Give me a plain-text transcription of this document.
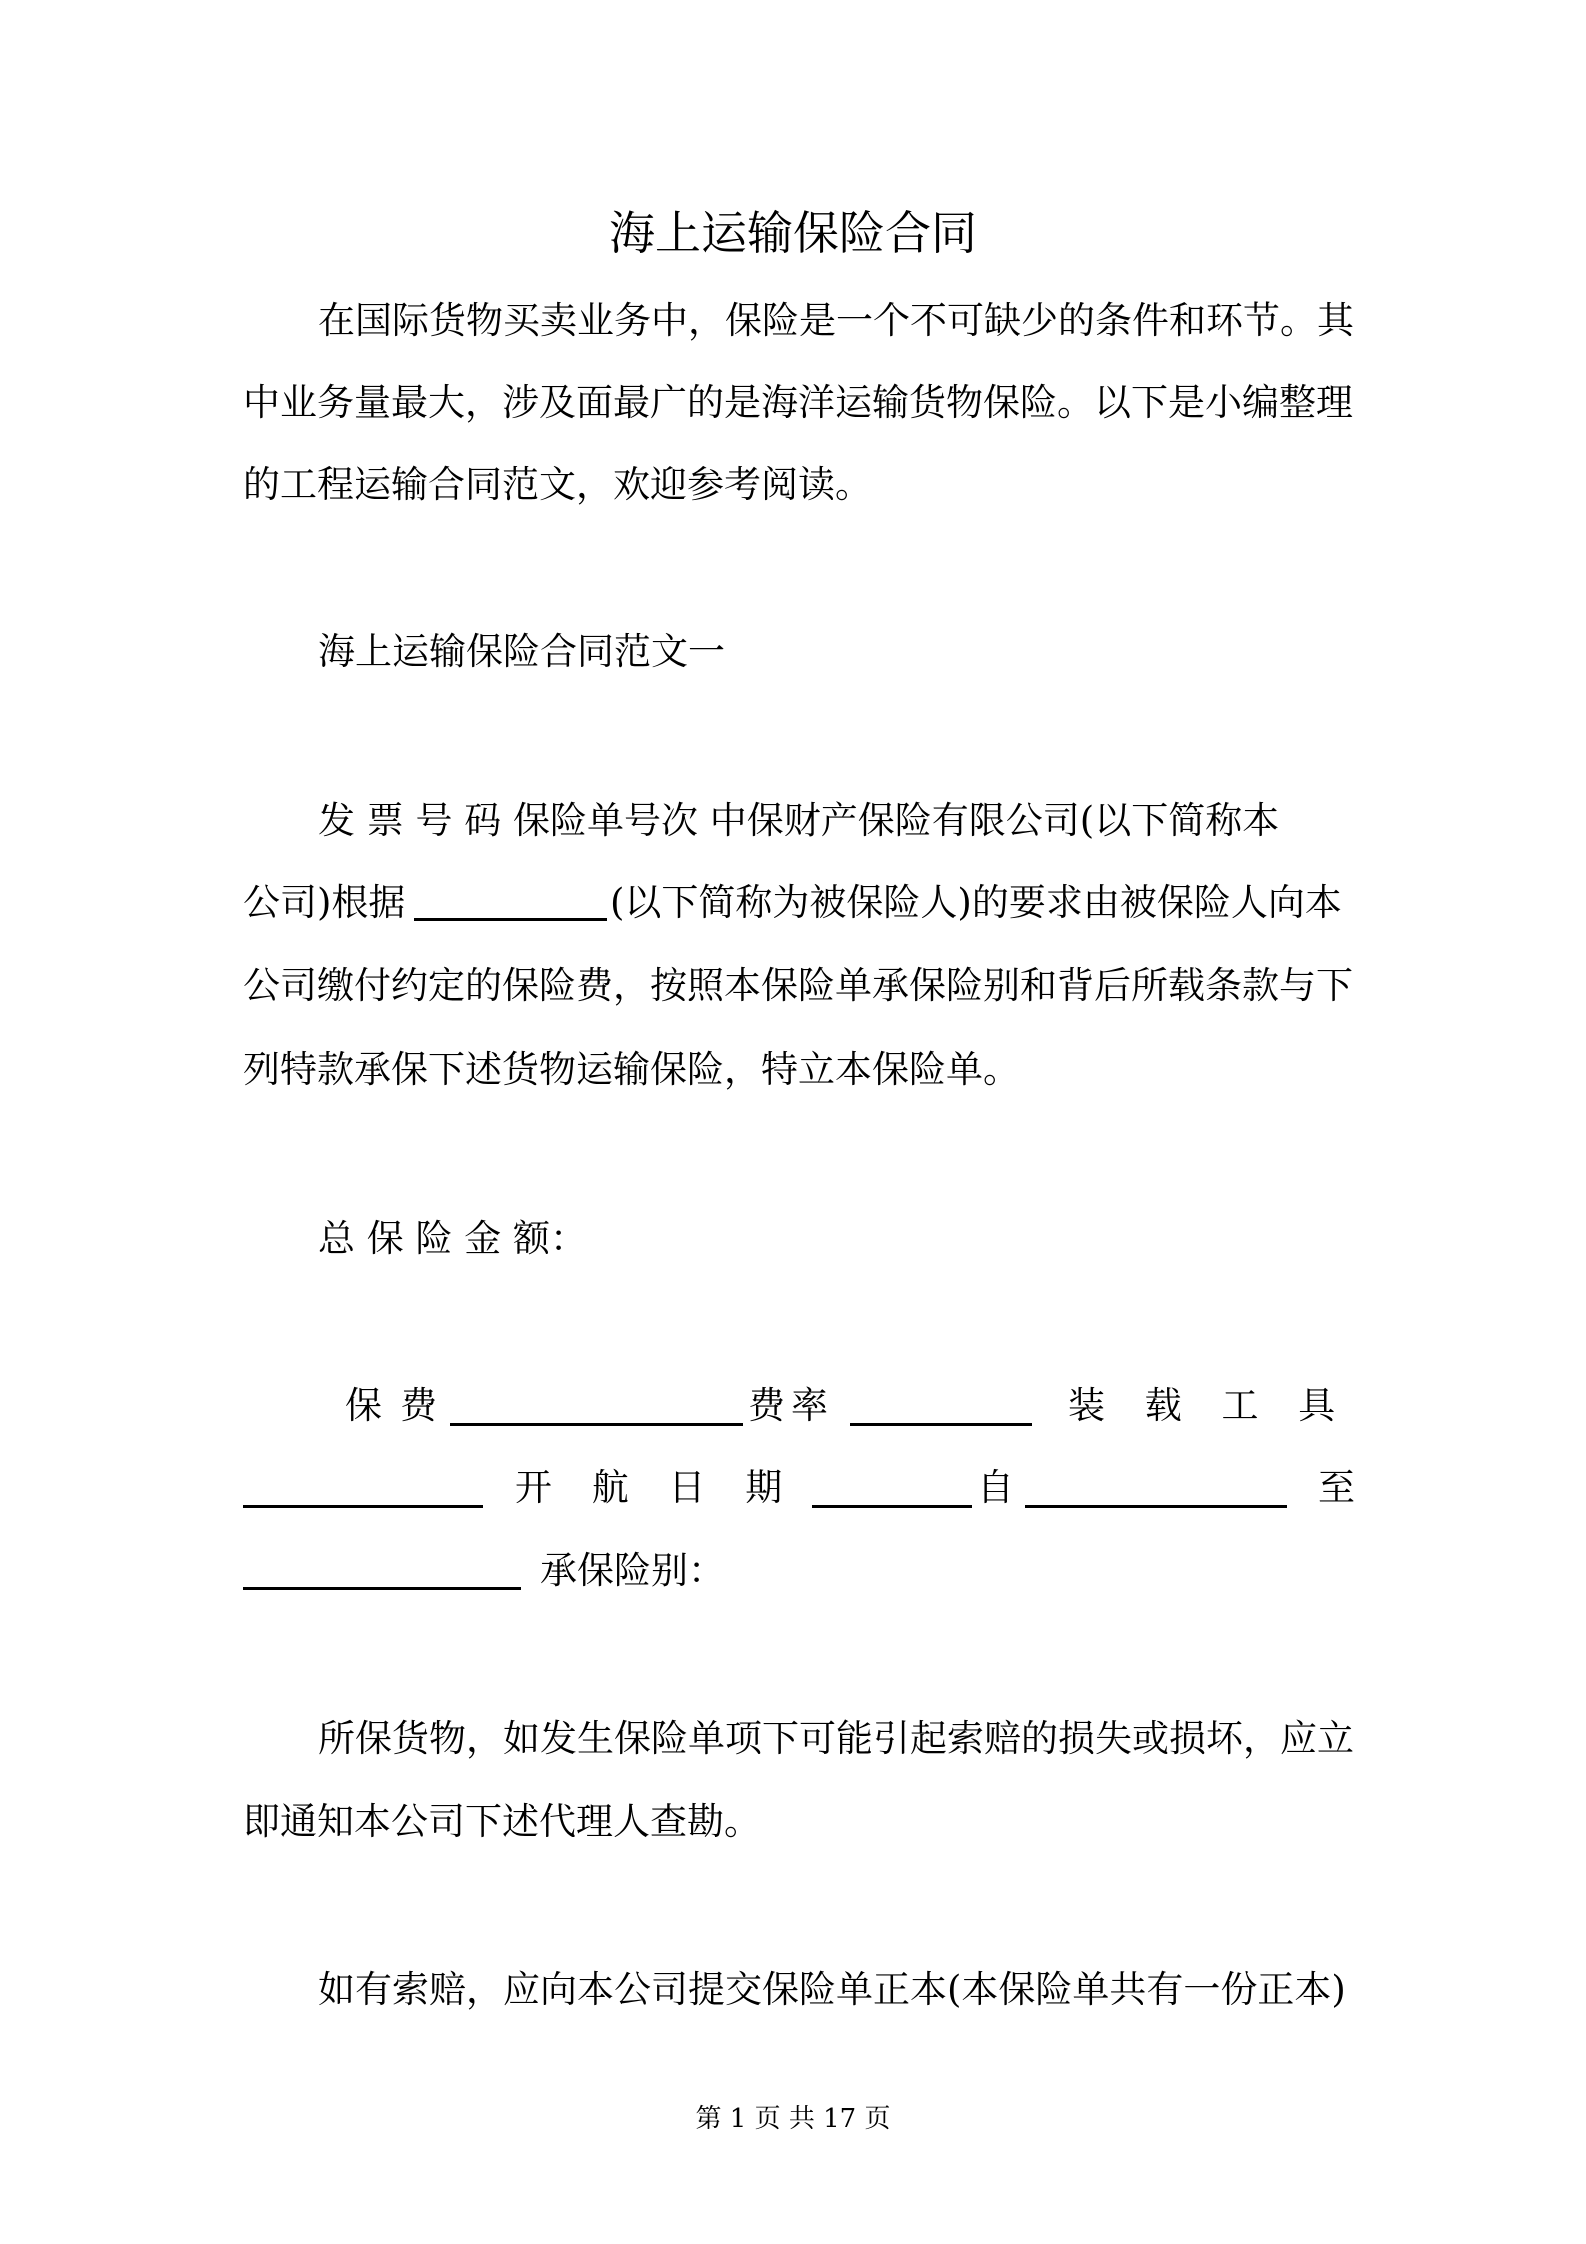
海上运输保险合同

在国际货物买卖业务中，保险是一个不可缺少的条件和环节。其

中业务量最大，涉及面最广的是海洋运输货物保险。以下是小编整理

的工程运输合同范文，欢迎参考阅读。

海上运输保险合同范文一

发 票 号 码 保险单号次 中保财产保险有限公司(以下简称本

公司)根据	(以下简称为被保险人)的要求由被保险人向本

公司缴付约定的保险费，按照本保险单承保险别和背后所载条款与下

列特款承保下述货物运输保险，特立本保险单。

总 保 险 金 额：

保费	费率	装 载 工 具
开 航 日 期	自	至
承保险别：

所保货物，如发生保险单项下可能引起索赔的损失或损坏，应立

即通知本公司下述代理人查勘。

如有索赔，应向本公司提交保险单正本(本保险单共有一份正本)

第 1 页 共 17 页
